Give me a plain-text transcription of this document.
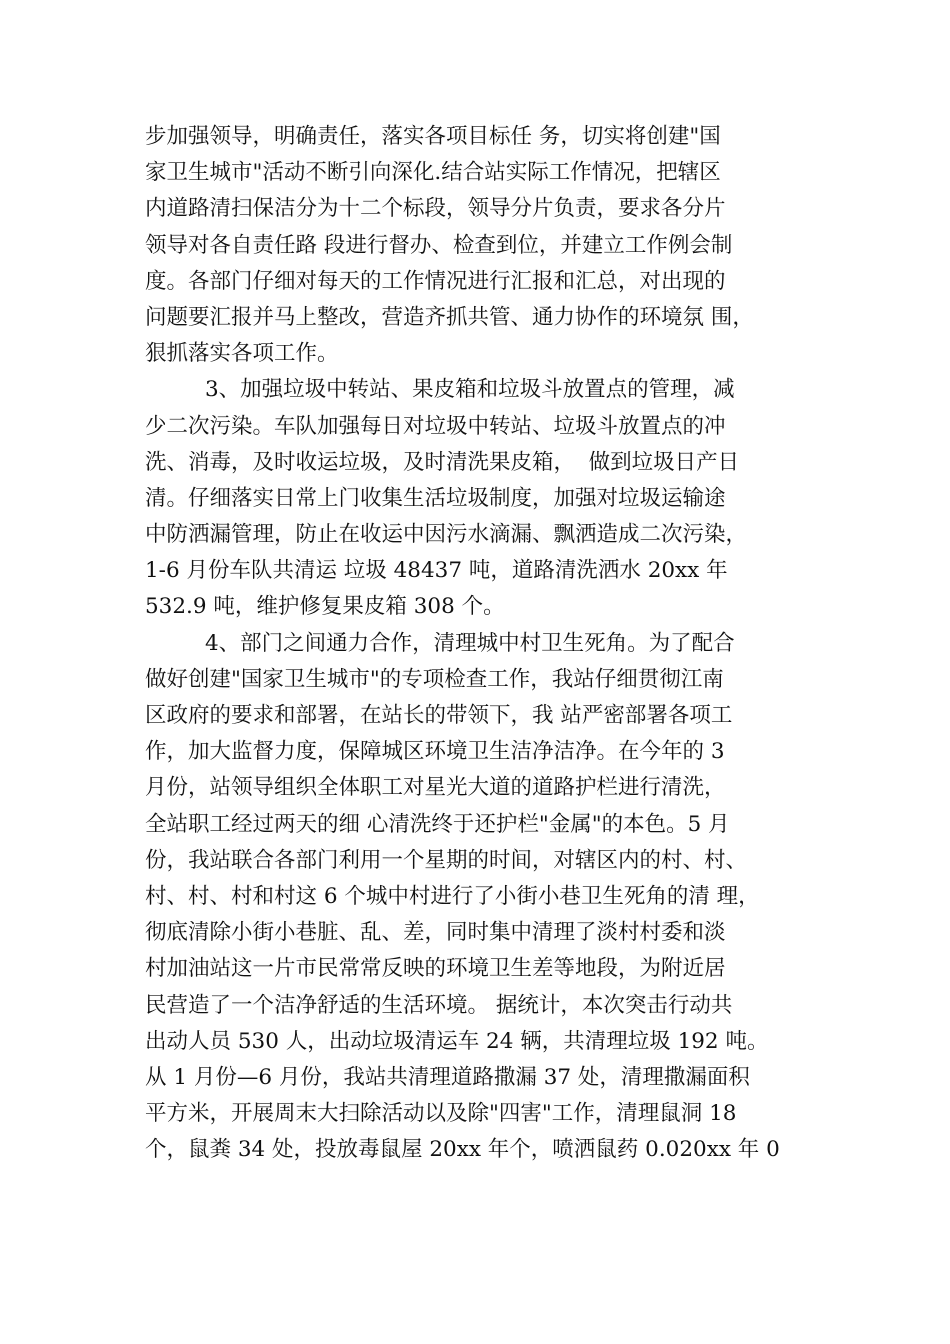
步加强领导，明确责任，落实各项目标任 务，切实将创建"国
家卫生城市"活动不断引向深化.结合站实际工作情况，把辖区
内道路清扫保洁分为十二个标段，领导分片负责，要求各分片
领导对各自责任路 段进行督办、检查到位，并建立工作例会制
度。各部门仔细对每天的工作情况进行汇报和汇总，对出现的
问题要汇报并马上整改，营造齐抓共管、通力协作的环境氛 围，
狠抓落实各项工作。
3、加强垃圾中转站、果皮箱和垃圾斗放置点的管理，减
少二次污染。车队加强每日对垃圾中转站、垃圾斗放置点的冲
洗、消毒，及时收运垃圾，及时清洗果皮箱，  做到垃圾日产日
清。仔细落实日常上门收集生活垃圾制度，加强对垃圾运输途
中防洒漏管理，防止在收运中因污水滴漏、飘洒造成二次污染，
1-6 月份车队共清运 垃圾 48437 吨，道路清洗洒水 20xx 年
532.9 吨，维护修复果皮箱 308 个。
4、部门之间通力合作，清理城中村卫生死角。为了配合
做好创建"国家卫生城市"的专项检查工作，我站仔细贯彻江南
区政府的要求和部署，在站长的带领下，我 站严密部署各项工
作，加大监督力度，保障城区环境卫生洁净洁净。在今年的 3
月份，站领导组织全体职工对星光大道的道路护栏进行清洗，
全站职工经过两天的细 心清洗终于还护栏"金属"的本色。5 月
份，我站联合各部门利用一个星期的时间，对辖区内的村、村、
村、村、村和村这 6 个城中村进行了小街小巷卫生死角的清 理，
彻底清除小街小巷脏、乱、差，同时集中清理了淡村村委和淡
村加油站这一片市民常常反映的环境卫生差等地段，为附近居
民营造了一个洁净舒适的生活环境。 据统计，本次突击行动共
出动人员 530 人，出动垃圾清运车 24 辆，共清理垃圾 192 吨。
从 1 月份—6 月份，我站共清理道路撒漏 37 处，清理撒漏面积
平方米，开展周末大扫除活动以及除"四害"工作，清理鼠洞 18
个，鼠粪 34 处，投放毒鼠屋 20xx 年个，喷洒鼠药 0.020xx 年 0
